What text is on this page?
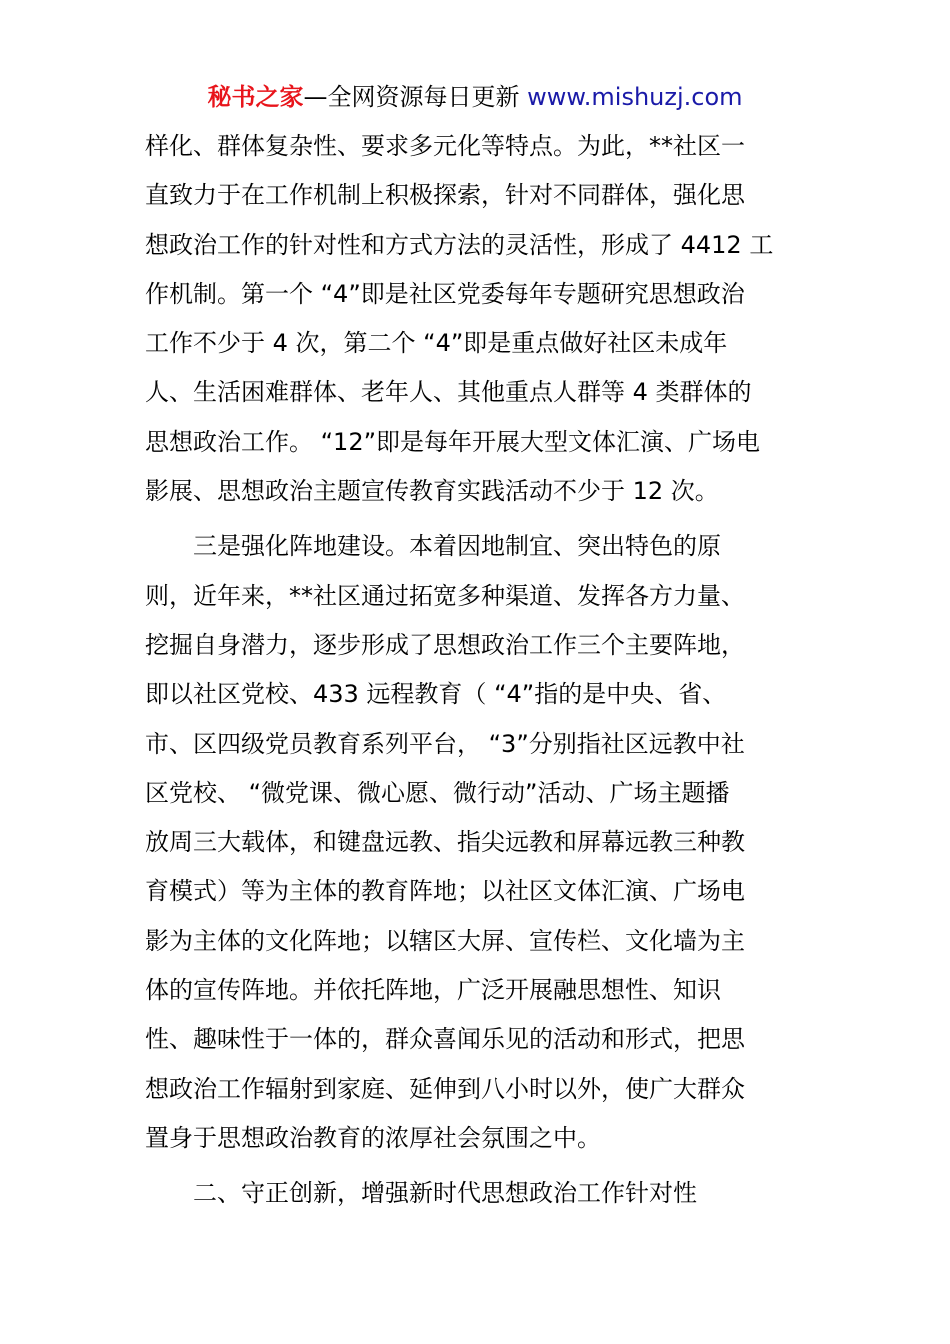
秘书之家—全网资源每日更新 www.mishuzj.com
样化、群体复杂性、要求多元化等特点。为此，**社区一
直致力于在工作机制上积极探索，针对不同群体，强化思
想政治工作的针对性和方式方法的灵活性，形成了 4412 工
作机制。第一个 “4”即是社区党委每年专题研究思想政治
工作不少于 4 次，第二个 “4”即是重点做好社区未成年
人、生活困难群体、老年人、其他重点人群等 4 类群体的
思想政治工作。 “12”即是每年开展大型文体汇演、广场电
影展、思想政治主题宣传教育实践活动不少于 12 次。
三是强化阵地建设。本着因地制宜、突出特色的原
则，近年来，**社区通过拓宽多种渠道、发挥各方力量、
挖掘自身潜力，逐步形成了思想政治工作三个主要阵地，
即以社区党校、433 远程教育（ “4”指的是中央、省、
市、区四级党员教育系列平台， “3”分别指社区远教中社
区党校、 “微党课、微心愿、微行动”活动、广场主题播
放周三大载体，和键盘远教、指尖远教和屏幕远教三种教
育模式）等为主体的教育阵地；以社区文体汇演、广场电
影为主体的文化阵地；以辖区大屏、宣传栏、文化墙为主
体的宣传阵地。并依托阵地，广泛开展融思想性、知识
性、趣味性于一体的，群众喜闻乐见的活动和形式，把思
想政治工作辐射到家庭、延伸到八小时以外，使广大群众
置身于思想政治教育的浓厚社会氛围之中。
二、守正创新，增强新时代思想政治工作针对性
